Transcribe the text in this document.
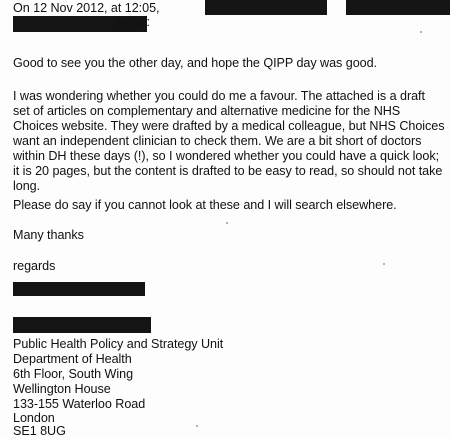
On 12 Nov 2012, at 12:05,
wrote:
Good to see you the other day, and hope the QIPP day was good.
I was wondering whether you could do me a favour. The attached is a draft
set of articles on complementary and alternative medicine for the NHS
Choices website. They were drafted by a medical colleague, but NHS Choices
want an independent clinician to check them. We are a bit short of doctors
within DH these days (!), so I wondered whether you could have a quick look;
it is 20 pages, but the content is drafted to be easy to read, so should not take
long.
Please do say if you cannot look at these and I will search elsewhere.
Many thanks
regards
Public Health Policy and Strategy Unit
Department of Health
6th Floor, South Wing
Wellington House
133-155 Waterloo Road
London
SE1 8UG
